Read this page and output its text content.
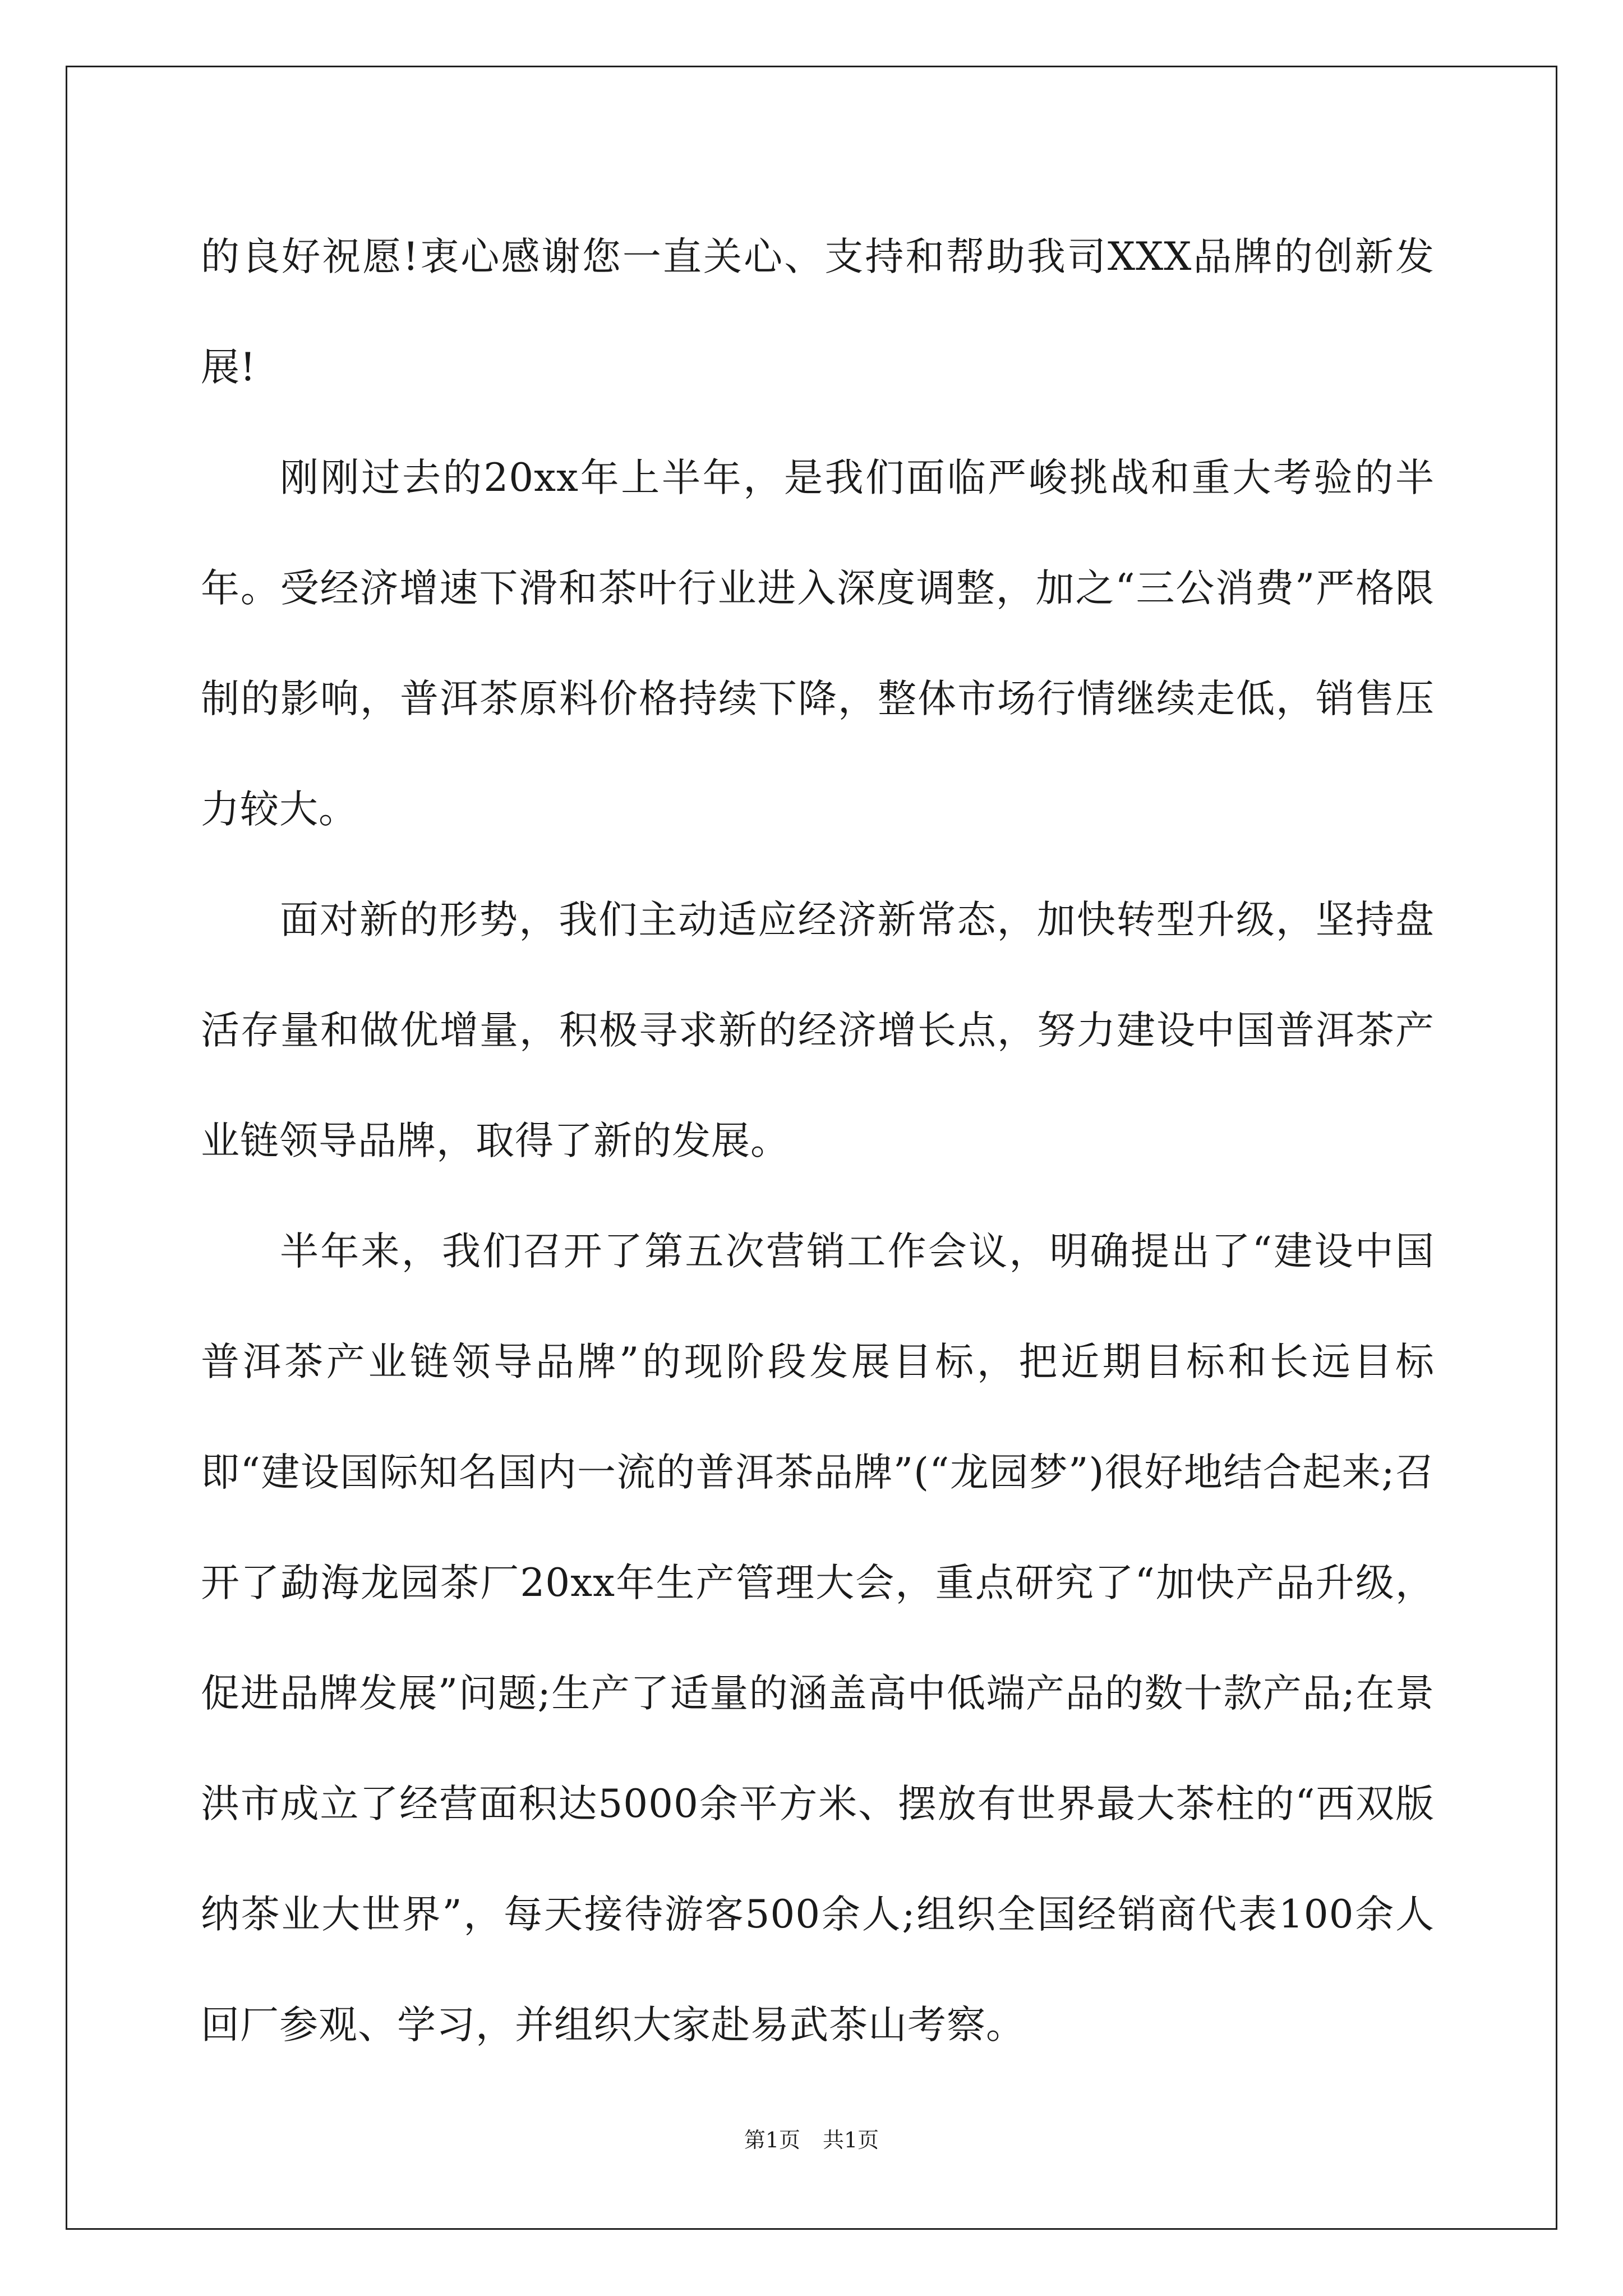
的良好祝愿!衷心感谢您一直关心、支持和帮助我司XXX品牌的创新发展!

刚刚过去的20xx年上半年，是我们面临严峻挑战和重大考验的半年。受经济增速下滑和茶叶行业进入深度调整，加之“三公消费”严格限制的影响，普洱茶原料价格持续下降，整体市场行情继续走低，销售压力较大。

面对新的形势，我们主动适应经济新常态，加快转型升级，坚持盘活存量和做优增量，积极寻求新的经济增长点，努力建设中国普洱茶产业链领导品牌，取得了新的发展。

半年来，我们召开了第五次营销工作会议，明确提出了“建设中国普洱茶产业链领导品牌”的现阶段发展目标，把近期目标和长远目标即“建设国际知名国内一流的普洱茶品牌”(“龙园梦”)很好地结合起来;召开了勐海龙园茶厂20xx年生产管理大会，重点研究了“加快产品升级，促进品牌发展”问题;生产了适量的涵盖高中低端产品的数十款产品;在景洪市成立了经营面积达5000余平方米、摆放有世界最大茶柱的“西双版纳茶业大世界”，每天接待游客500余人;组织全国经销商代表100余人回厂参观、学习，并组织大家赴易武茶山考察。

第1页 共1页
